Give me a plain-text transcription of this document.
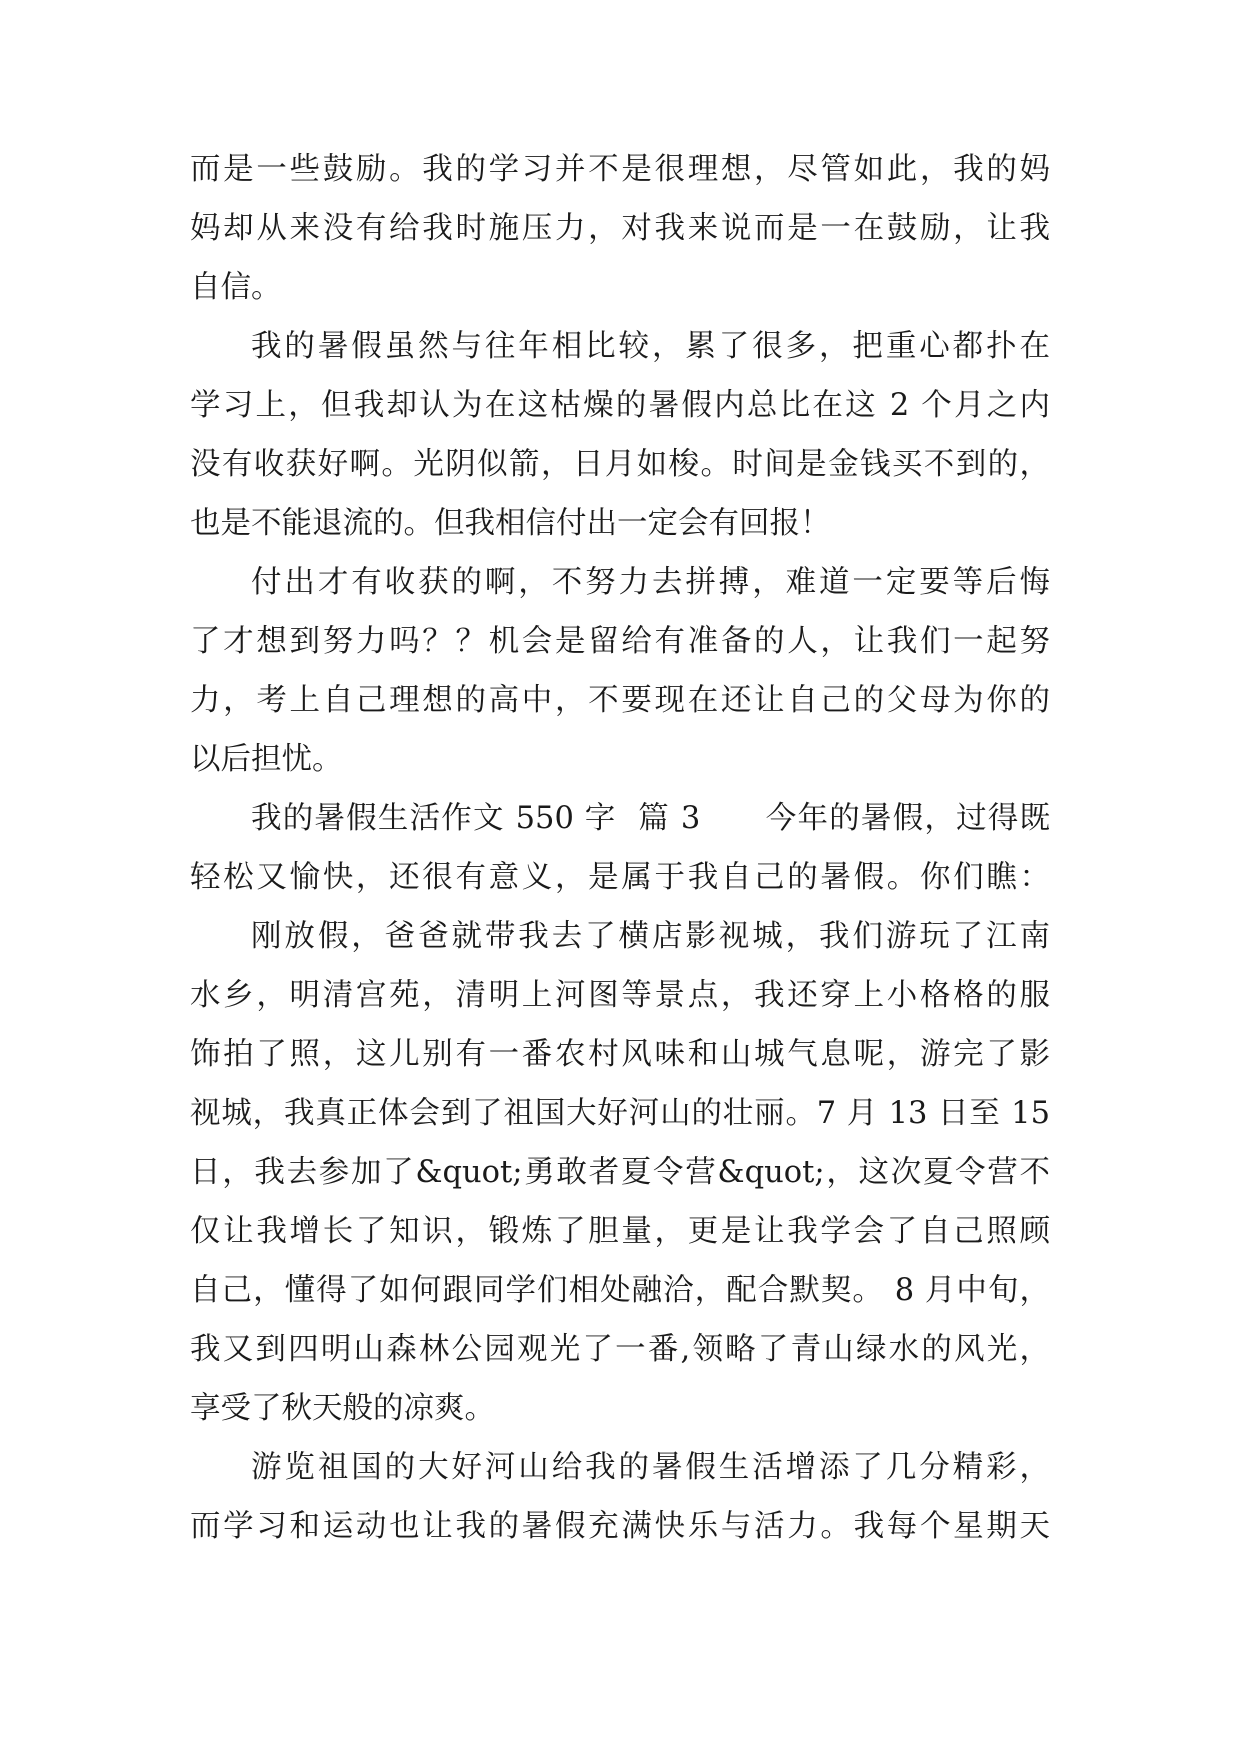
而是一些鼓励。我的学习并不是很理想，尽管如此，我的妈
妈却从来没有给我时施压力，对我来说而是一在鼓励，让我
自信。
我的暑假虽然与往年相比较，累了很多，把重心都扑在
学习上，但我却认为在这枯燥的暑假内总比在这 2 个月之内
没有收获好啊。光阴似箭，日月如梭。时间是金钱买不到的，
也是不能退流的。但我相信付出一定会有回报！
付出才有收获的啊，不努力去拼搏，难道一定要等后悔
了才想到努力吗？？机会是留给有准备的人，让我们一起努
力，考上自己理想的高中，不要现在还让自己的父母为你的
以后担忧。
我的暑假生活作文 550 字  篇 3      今年的暑假，过得既
轻松又愉快，还很有意义，是属于我自己的暑假。你们瞧：
刚放假，爸爸就带我去了横店影视城，我们游玩了江南
水乡，明清宫苑，清明上河图等景点，我还穿上小格格的服
饰拍了照，这儿别有一番农村风味和山城气息呢，游完了影
视城，我真正体会到了祖国大好河山的壮丽。7 月 13 日至 15
日，我去参加了&quot;勇敢者夏令营&quot;，这次夏令营不
仅让我增长了知识，锻炼了胆量，更是让我学会了自己照顾
自己，懂得了如何跟同学们相处融洽，配合默契。 8 月中旬，
我又到四明山森林公园观光了一番,领略了青山绿水的风光，
享受了秋天般的凉爽。
游览祖国的大好河山给我的暑假生活增添了几分精彩，
而学习和运动也让我的暑假充满快乐与活力。我每个星期天
